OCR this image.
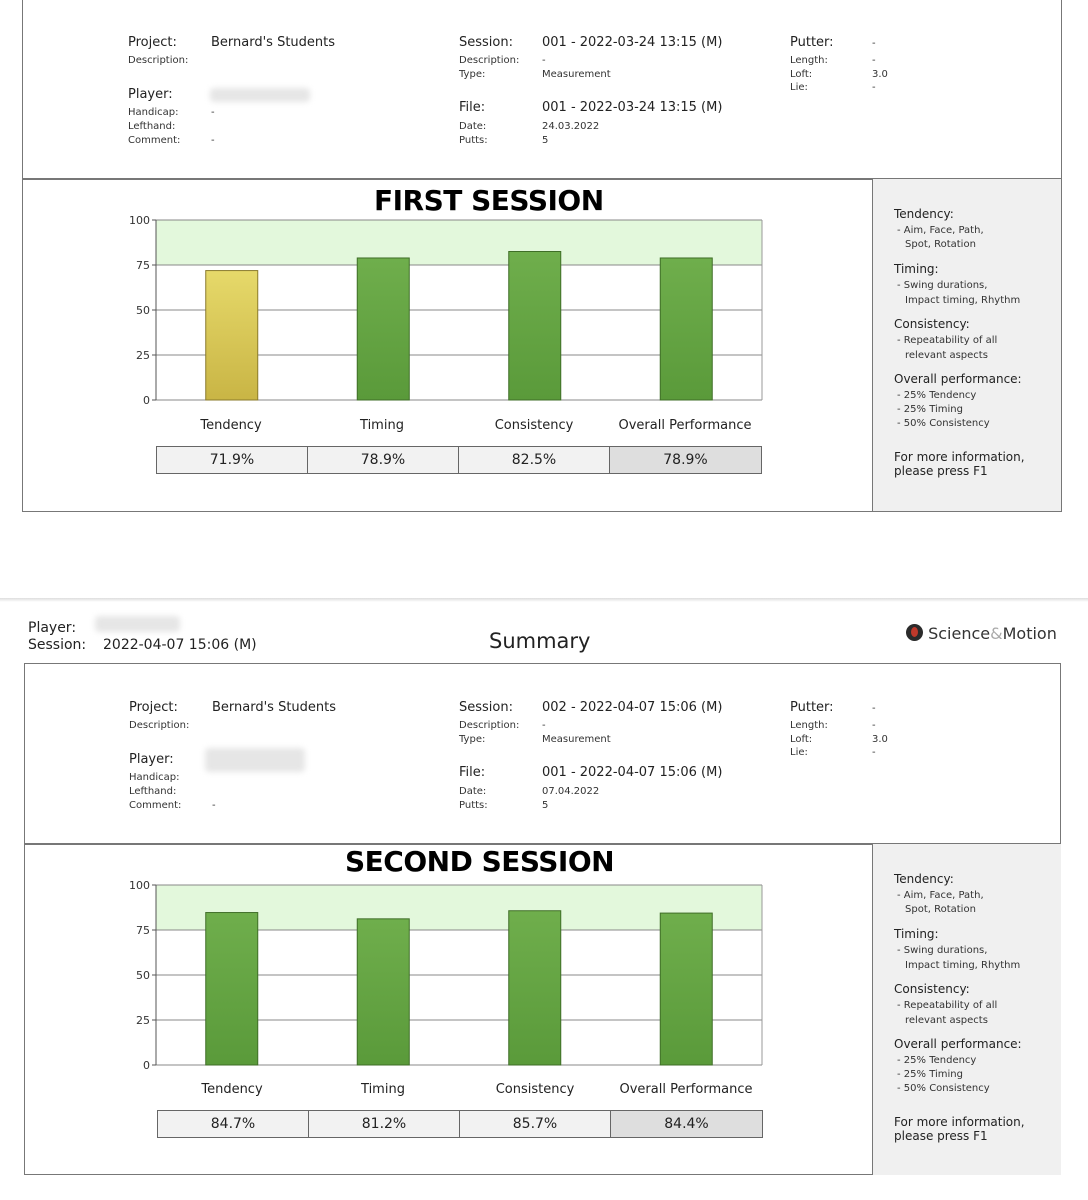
Project:	Bernard's Students
Description:
Player:
Handicap:	-
Lefthand:
Comment:	-
Session: 001 - 2022-03-24 13:15 (M)
Description: -
Type:	Measurement
File:	001 - 2022-03-24 13:15 (M)
Date:	24.03.2022
Putts:	5
Putter:	-
Length:	-
Loft:	3.0
Lie:	-
FIRST SESSION
0
25
50
75
100
Tendency	Timing	Consistency	Overall Performance
71.9%	78.9%	82.5%	78.9%
Tendency:
- Aim, Face, Path,
Spot, Rotation
Timing:
- Swing durations,
Impact timing, Rhythm
Consistency:
- Repeatability of all
relevant aspects
Overall performance:
- 25% Tendency
- 25% Timing
- 50% Consistency
For more information,
please press F1
Player:
Session: 2022-04-07 15:06 (M)	Summary	Science&Motion
Project:	Bernard's Students
Description:
Player:
Handicap:
Lefthand:
Comment:	-
Session: 002 - 2022-04-07 15:06 (M)
Description: -
Type:	Measurement
File:	001 - 2022-04-07 15:06 (M)
Date:	07.04.2022
Putts:	5
Putter:	-
Length:	-
Loft:	3.0
Lie:	-
SECOND SESSION
0
25
50
75
100
Tendency	Timing	Consistency	Overall Performance
84.7%	81.2%	85.7%	84.4%
Tendency:
- Aim, Face, Path,
Spot, Rotation
Timing:
- Swing durations,
Impact timing, Rhythm
Consistency:
- Repeatability of all
relevant aspects
Overall performance:
- 25% Tendency
- 25% Timing
- 50% Consistency
For more information,
please press F1
